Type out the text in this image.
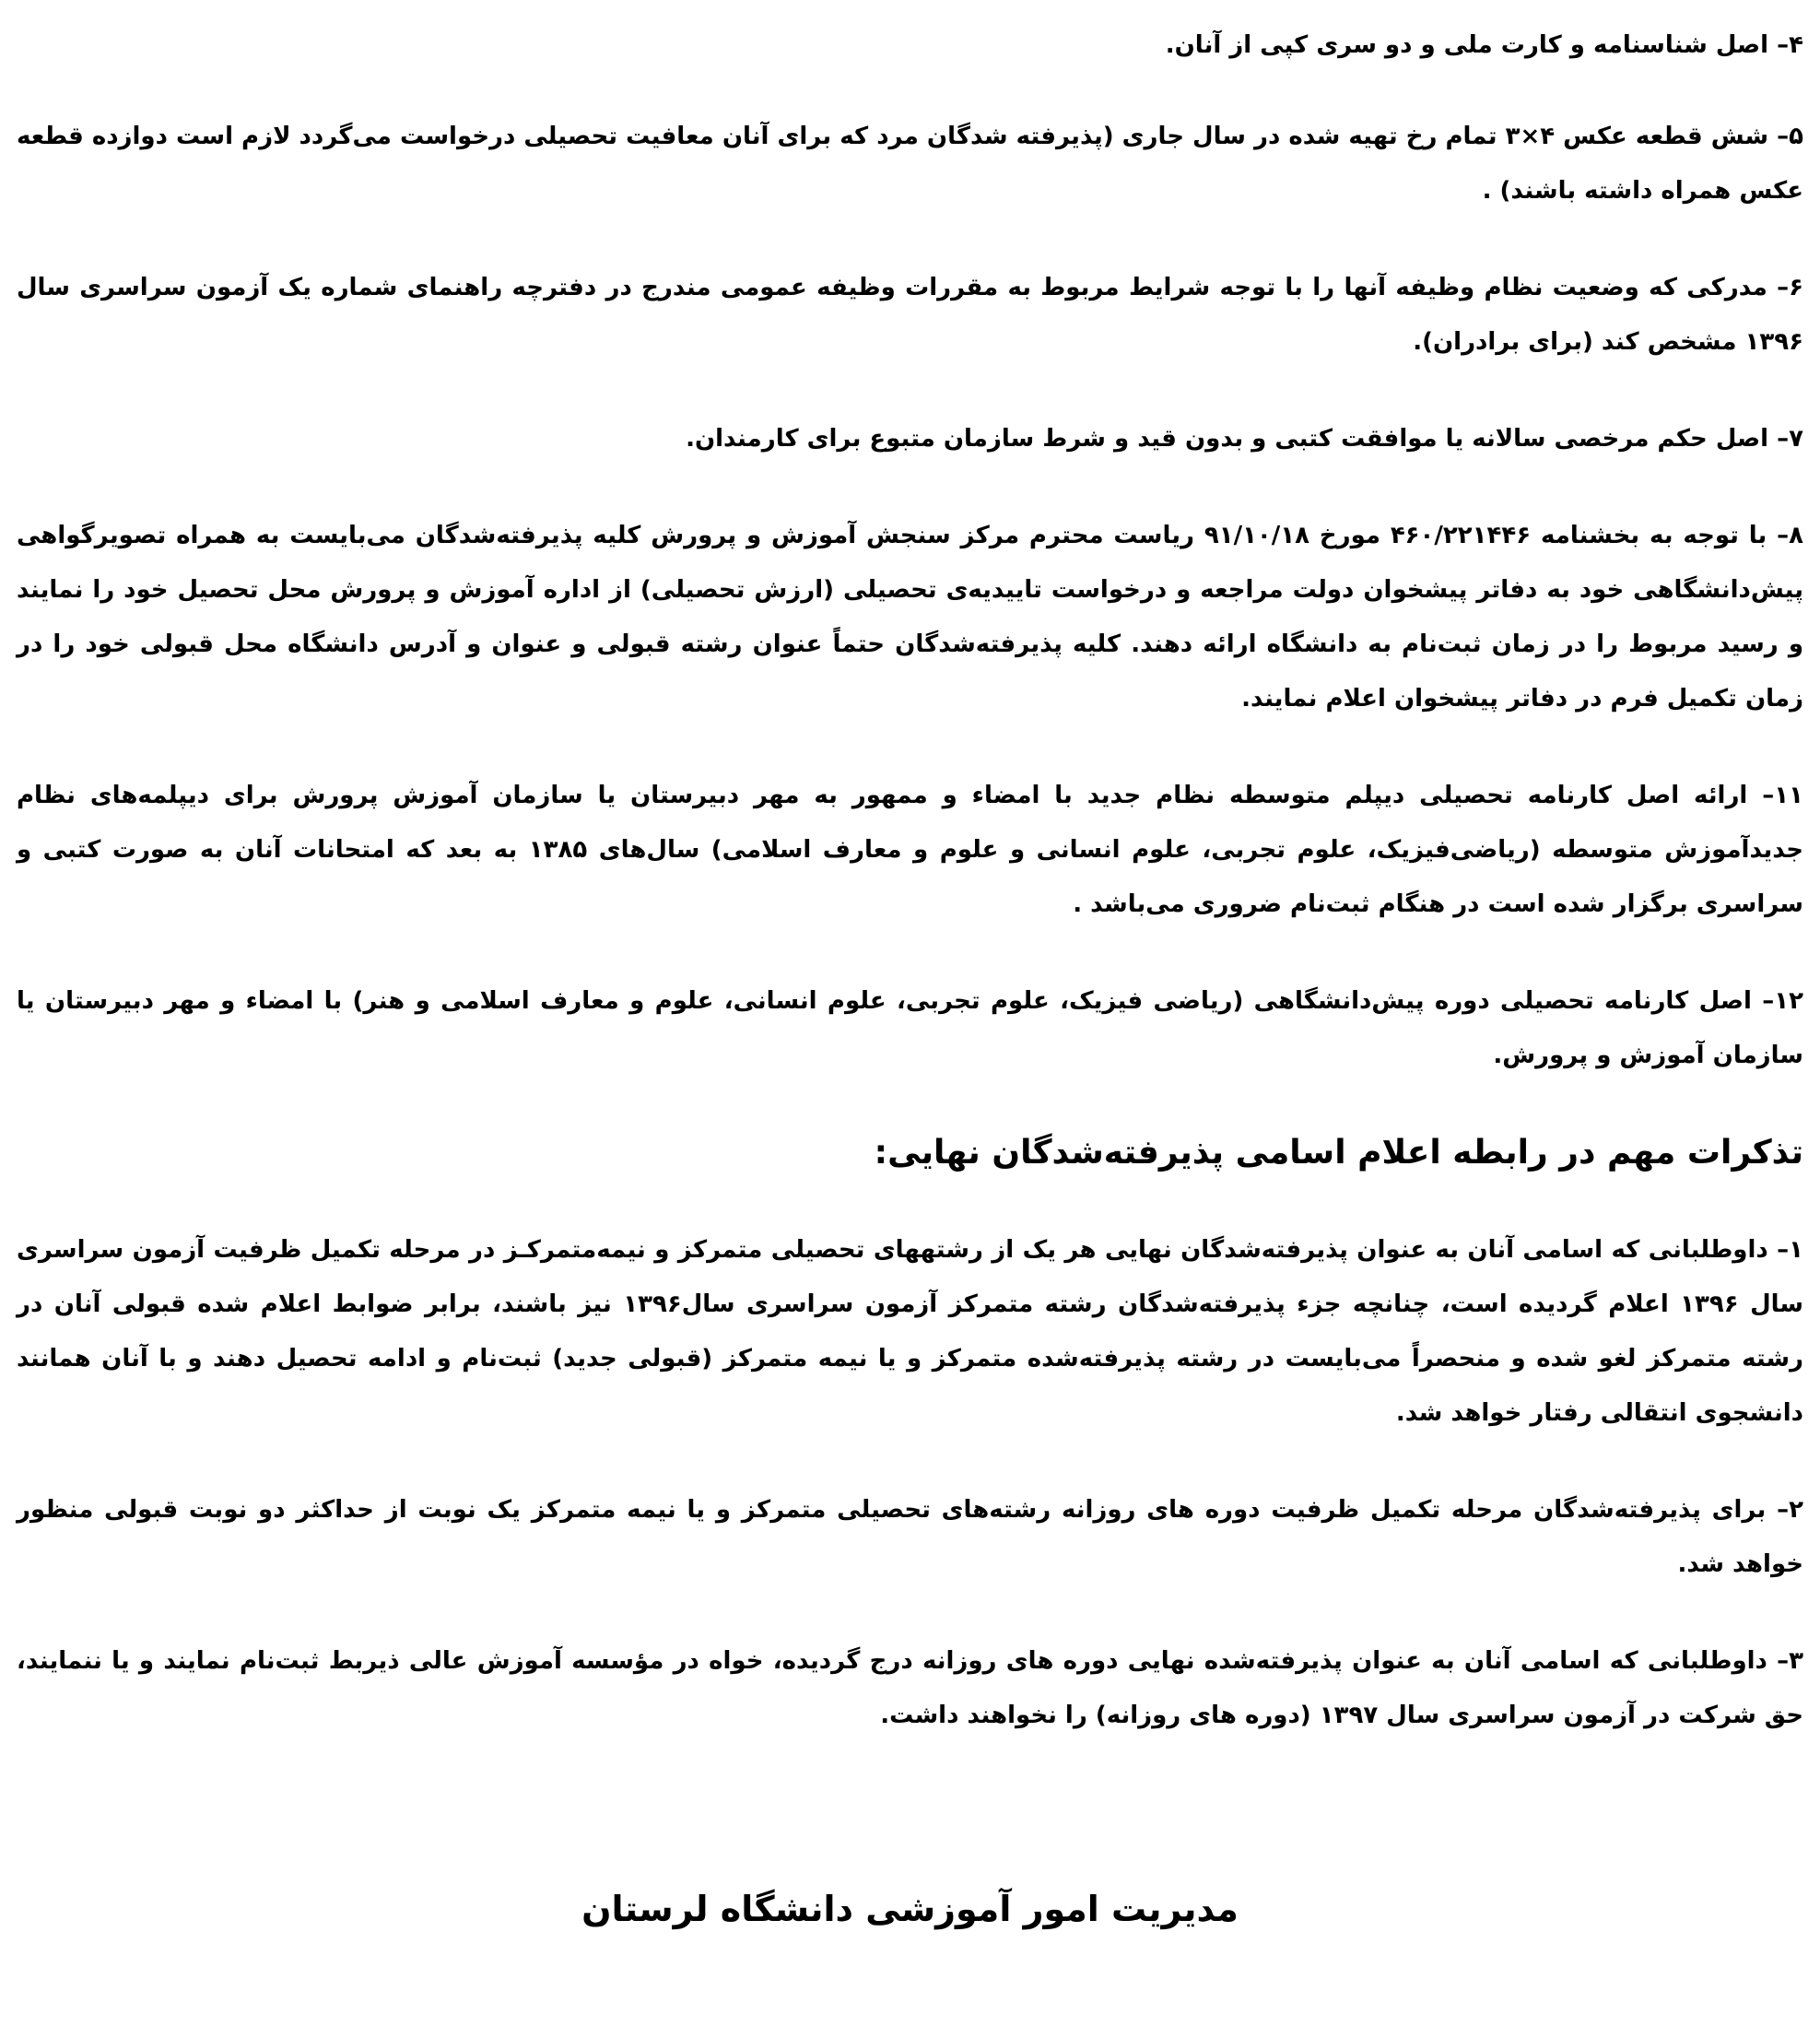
۴– اصل شناسنامه و کارت ملی و دو سری کپی از آنان.

۵– شش قطعه عکس ۴×۳ تمام رخ تهیه شده در سال جاری (پذیرفته شدگان مرد که برای آنان معافیت تحصیلی درخواست می‌گردد لازم است دوازده قطعه عکس همراه داشته باشند) .

۶– مدرکی که وضعیت نظام وظیفه آنها را با توجه شرایط مربوط به مقررات وظیفه عمومی مندرج در دفترچه راهنمای شماره یک آزمون سراسری سال ۱۳۹۶ مشخص کند (برای برادران).

۷– اصل حکم مرخصی سالانه یا موافقت کتبی و بدون قید و شرط سازمان متبوع برای کارمندان.

۸– با توجه به بخشنامه ۴۶۰/۲۲۱۴۴۶ مورخ ۹۱/۱۰/۱۸ ریاست محترم مرکز سنجش آموزش و پرورش کلیه پذیرفته‌شدگان می‌بایست به همراه تصویرگواهی پیش‌دانشگاهی خود به دفاتر پیشخوان دولت مراجعه و درخواست تاییدیه‌ی تحصیلی (ارزش تحصیلی) از اداره آموزش و پرورش محل تحصیل خود را نمایند و رسید مربوط را در زمان ثبت‌نام به دانشگاه ارائه دهند. کلیه پذیرفته‌شدگان حتماً عنوان رشته قبولی و عنوان و آدرس دانشگاه محل قبولی خود را در زمان تکمیل فرم در دفاتر پیشخوان اعلام نمایند.

۱۱– ارائه اصل کارنامه تحصیلی دیپلم متوسطه نظام جدید با امضاء و ممهور به مهر دبیرستان یا سازمان آموزش پرورش برای دیپلمه‌های نظام جدیدآموزش متوسطه (ریاضی‌فیزیک، علوم تجربی، علوم انسانی و علوم و معارف اسلامی) سال‌های ۱۳۸۵ به بعد که امتحانات آنان به صورت کتبی و سراسری برگزار شده است در هنگام ثبت‌نام ضروری می‌باشد .

۱۲– اصل کارنامه تحصیلی دوره پیش‌دانشگاهی (ریاضی فیزیک، علوم تجربی، علوم انسانی، علوم و معارف اسلامی و هنر) با امضاء و مهر دبیرستان یا سازمان آموزش و پرورش.

تذکرات مهم در رابطه اعلام اسامی پذیرفته‌شدگان نهایی:

۱– داوطلبانی که اسامی آنان به عنوان پذیرفته‌شدگان نهایی هر یک از رشتههای تحصیلی متمرکز و نیمه‌متمرکـز در مرحله تکمیل ظرفیت آزمون سراسری سال ۱۳۹۶ اعلام گردیده است، چنانچه جزء پذیرفته‌شدگان رشته متمرکز آزمون سراسری سال۱۳۹۶ نیز باشند، برابر ضوابط اعلام شده قبولی آنان در رشته متمرکز لغو شده و منحصراً می‌بایست در رشته پذیرفته‌شده متمرکز و یا نیمه متمرکز (قبولی جدید) ثبت‌نام و ادامه تحصیل دهند و با آنان همانند دانشجوی انتقالی رفتار خواهد شد.

۲– برای پذیرفته‌شدگان مرحله تکمیل ظرفیت دوره های روزانه رشته‌های تحصیلی متمرکز و یا نیمه متمرکز یک نوبت از حداکثر دو نوبت قبولی منظور خواهد شد.

۳– داوطلبانی که اسامی آنان به عنوان پذیرفته‌شده نهایی دوره های روزانه درج گردیده، خواه در مؤسسه آموزش عالی ذیربط ثبت‌نام نمایند و یا ننمایند، حق شرکت در آزمون سراسری سال ۱۳۹۷ (دوره های روزانه) را نخواهند داشت.

مدیریت امور آموزشی دانشگاه لرستان
